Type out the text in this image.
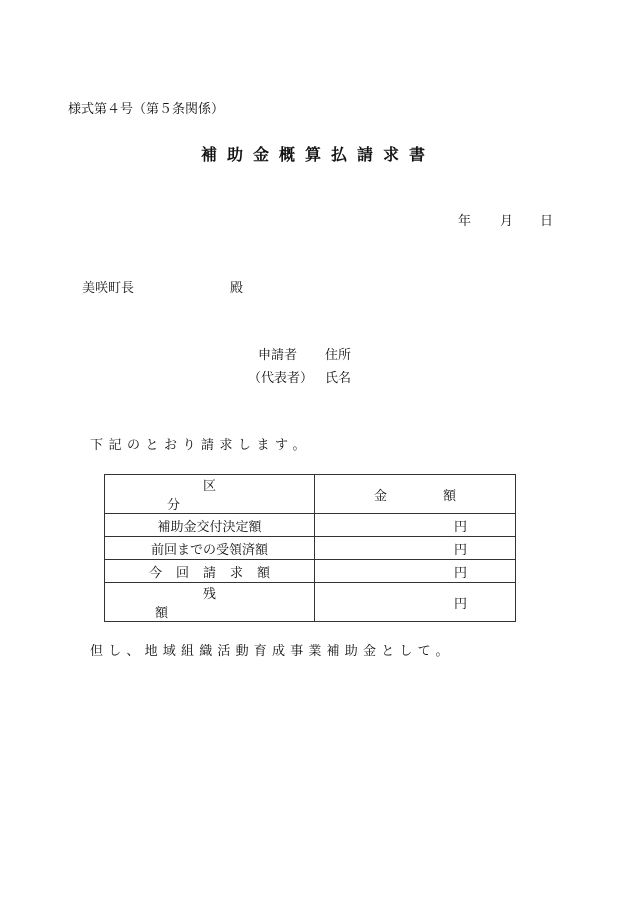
様式第４号（第５条関係）
補助金概算払請求書
年 月 日
美咲町長	殿
申請者 住所
（代表者） 氏名
下記のとおり請求します。
区分	金額
補助金交付決定額	円
前回までの受領済額	円
今回請求額	円
残額	円
但し、地域組織活動育成事業補助金として。
